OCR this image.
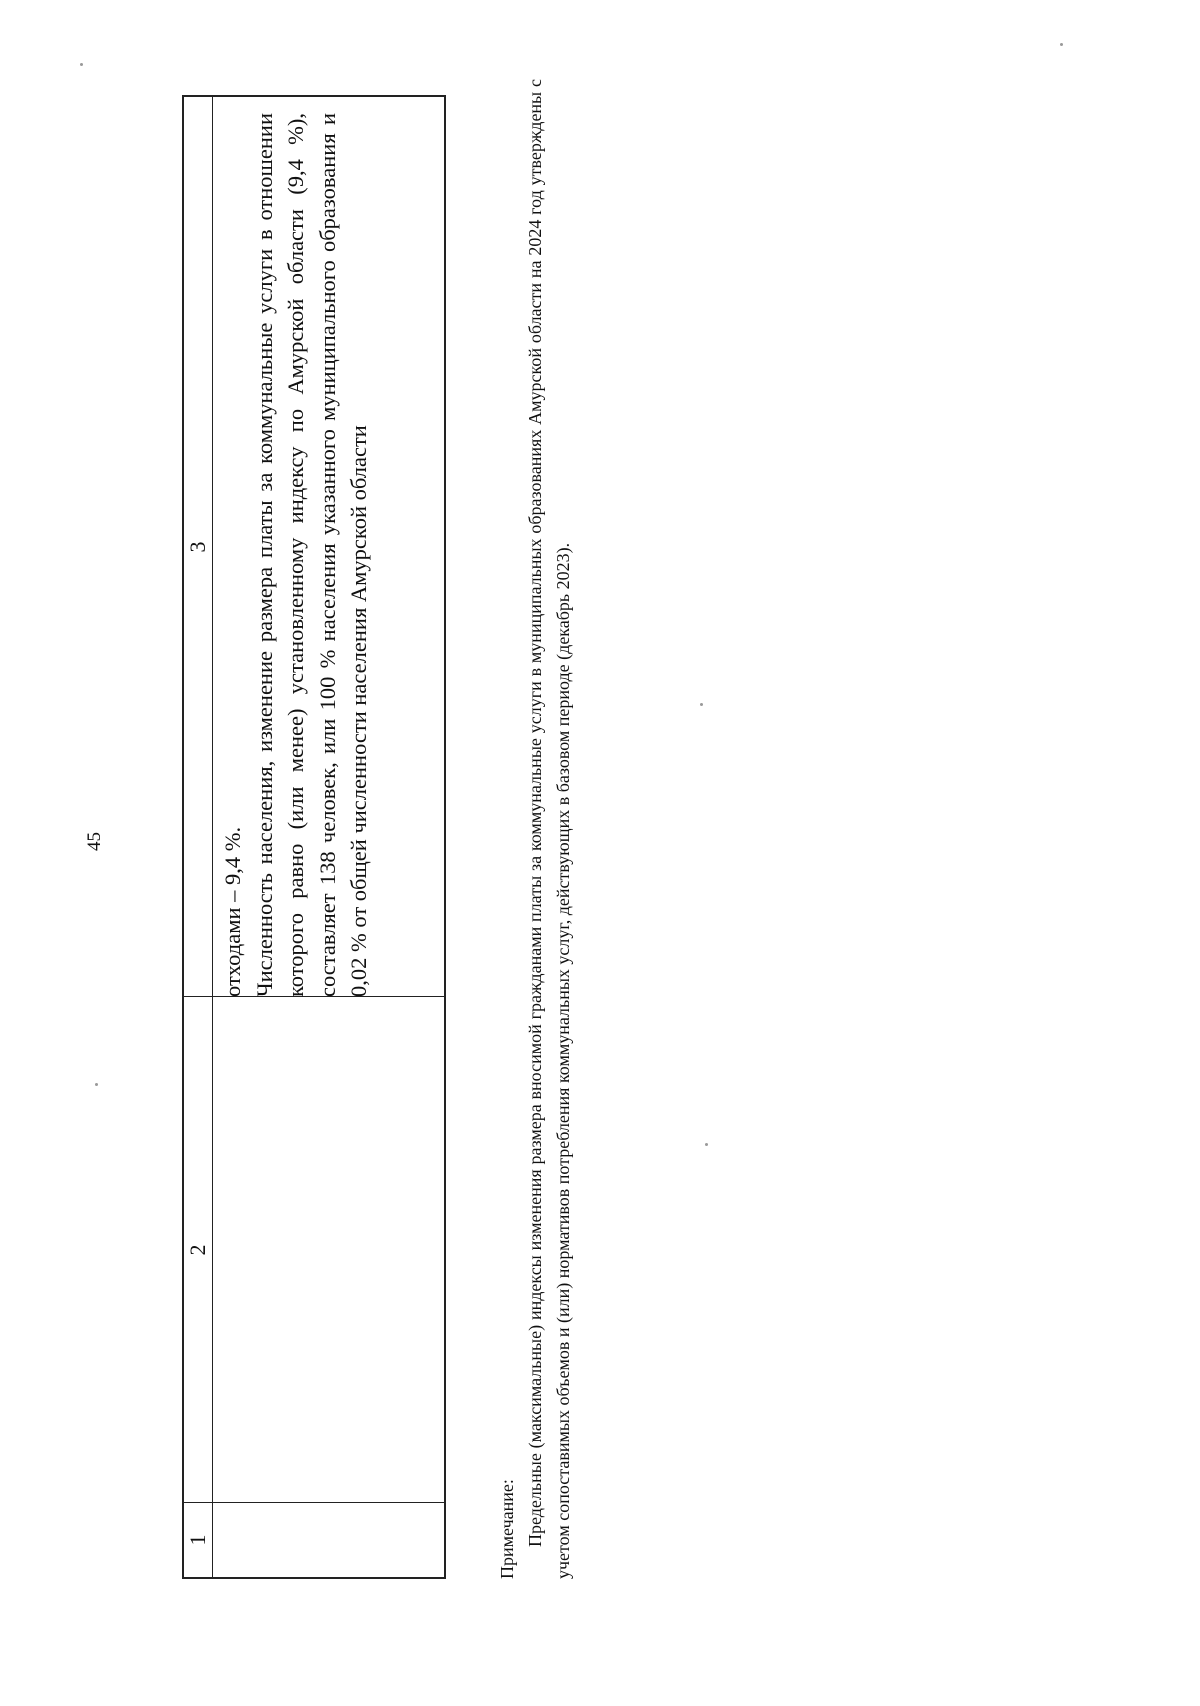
45
1
2
3

отходами – 9,4 %. Численность населения, изменение размера платы за коммунальные услуги в отношении которого равно (или менее) установленному индексу по Амурской области (9,4 %), составляет 138 человек, или 100 % населения указанного муниципального образования и 0,02 % от общей численности населения Амурской области

Примечание: Предельные (максимальные) индексы изменения размера вносимой гражданами платы за коммунальные услуги в муниципальных образованиях Амурской области на 2024 год утверждены с учетом сопоставимых объемов и (или) нормативов потребления коммунальных услуг, действующих в базовом периоде (декабрь 2023).
